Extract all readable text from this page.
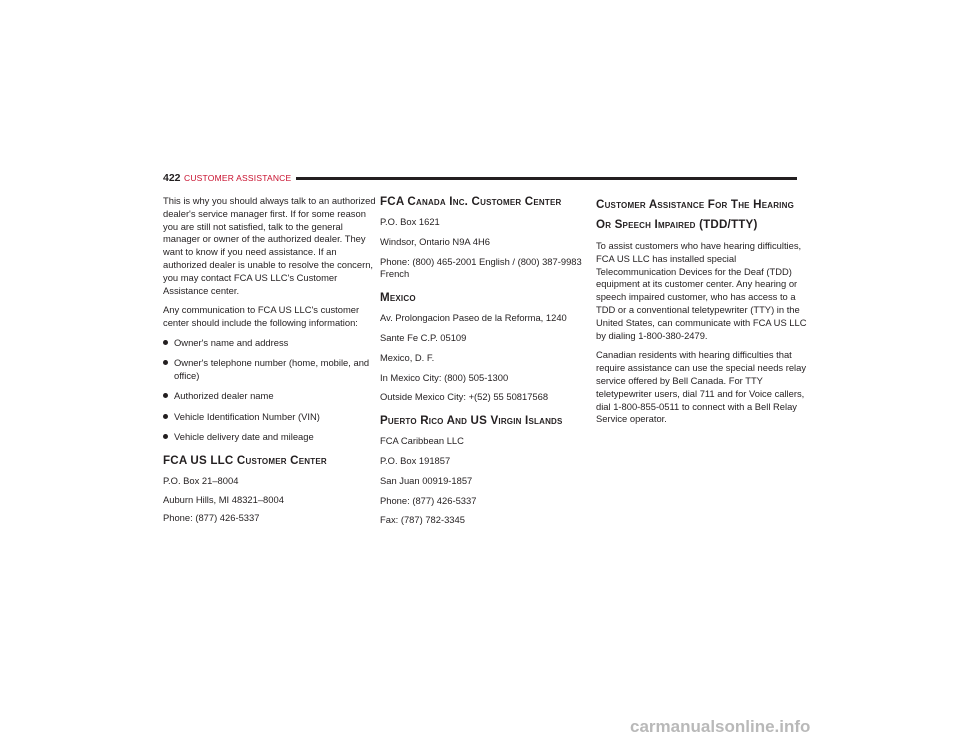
422 CUSTOMER ASSISTANCE

This is why you should always talk to an authorized dealer's service manager first. If for some reason you are still not satisfied, talk to the general manager or owner of the authorized dealer. They want to know if you need assistance. If an authorized dealer is unable to resolve the concern, you may contact FCA US LLC's Customer Assistance center.

Any communication to FCA US LLC's customer center should include the following information:

Owner's name and address
Owner's telephone number (home, mobile, and office)
Authorized dealer name
Vehicle Identification Number (VIN)
Vehicle delivery date and mileage
FCA US LLC Customer Center

P.O. Box 21–8004

Auburn Hills, MI 48321–8004

Phone: (877) 426-5337

FCA Canada Inc. Customer Center

P.O. Box 1621

Windsor, Ontario N9A 4H6

Phone: (800) 465-2001 English / (800) 387-9983 French

Mexico

Av. Prolongacion Paseo de la Reforma, 1240

Sante Fe C.P. 05109

Mexico, D. F.

In Mexico City: (800) 505-1300

Outside Mexico City: +(52) 55 50817568

Puerto Rico And US Virgin Islands

FCA Caribbean LLC

P.O. Box 191857

San Juan 00919-1857

Phone: (877) 426-5337

Fax: (787) 782-3345

Customer Assistance For The Hearing Or Speech Impaired (TDD/TTY)

To assist customers who have hearing difficulties, FCA US LLC has installed special Telecommunication Devices for the Deaf (TDD) equipment at its customer center. Any hearing or speech impaired customer, who has access to a TDD or a conventional teletypewriter (TTY) in the United States, can communicate with FCA US LLC by dialing 1-800-380-2479.

Canadian residents with hearing difficulties that require assistance can use the special needs relay service offered by Bell Canada. For TTY teletypewriter users, dial 711 and for Voice callers, dial 1-800-855-0511 to connect with a Bell Relay Service operator.

carmanualsonline.info
